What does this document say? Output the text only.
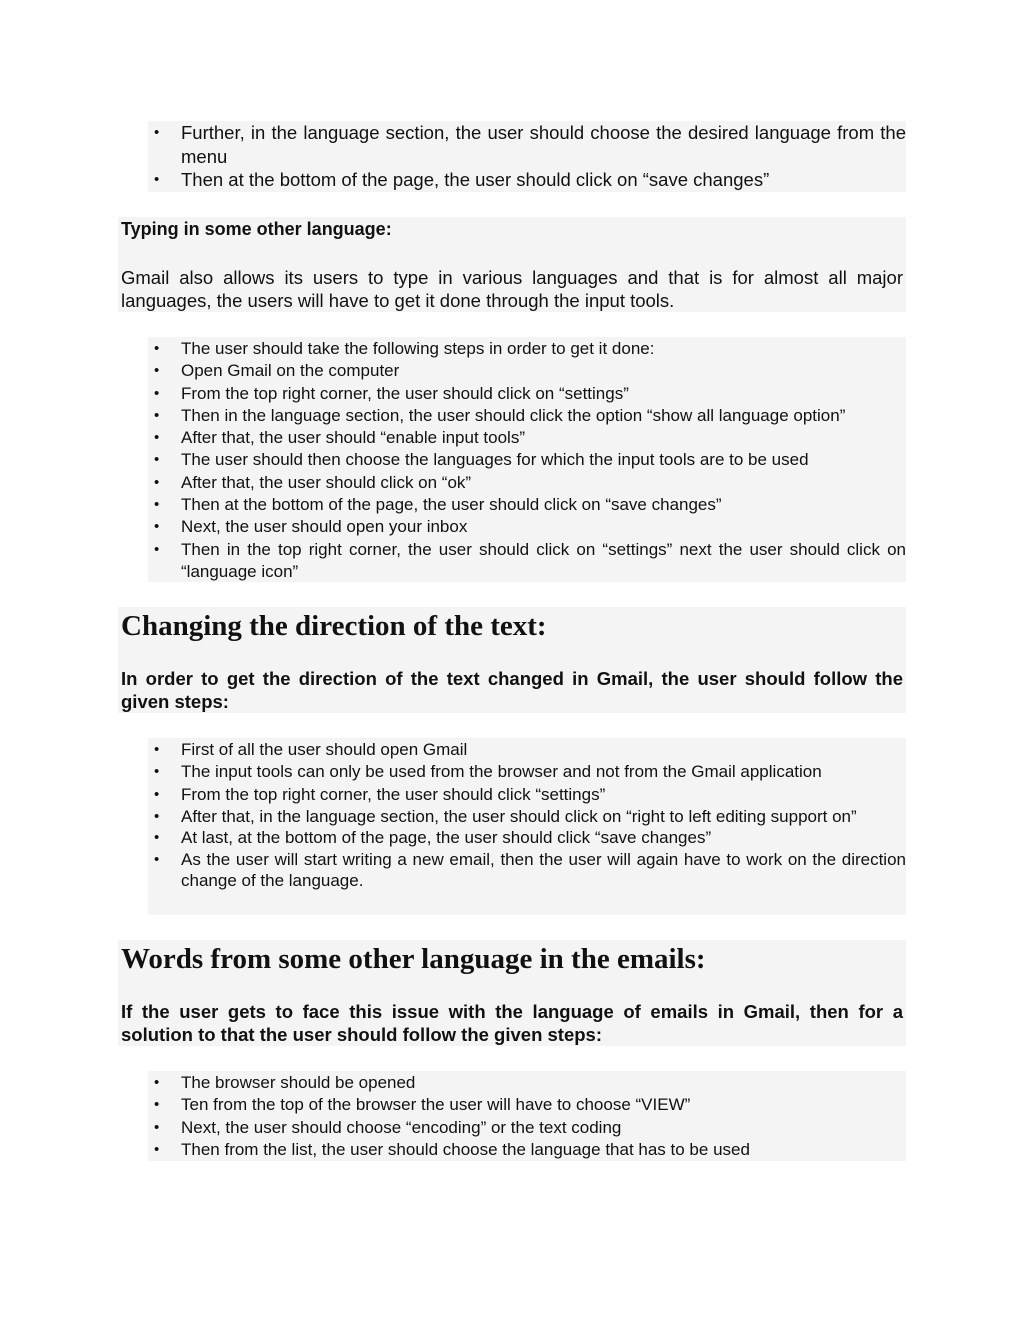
• Further, in the language section, the user should choose the desired language from the menu
• Then at the bottom of the page, the user should click on “save changes”

Typing in some other language:

Gmail also allows its users to type in various languages and that is for almost all major languages, the users will have to get it done through the input tools.

• The user should take the following steps in order to get it done:
• Open Gmail on the computer
• From the top right corner, the user should click on “settings”
• Then in the language section, the user should click the option “show all language option”
• After that, the user should “enable input tools”
• The user should then choose the languages for which the input tools are to be used
• After that, the user should click on “ok”
• Then at the bottom of the page, the user should click on “save changes”
• Next, the user should open your inbox
• Then in the top right corner, the user should click on “settings” next the user should click on “language icon”
Changing the direction of the text:

In order to get the direction of the text changed in Gmail, the user should follow the given steps:

• First of all the user should open Gmail
• The input tools can only be used from the browser and not from the Gmail application
• From the top right corner, the user should click “settings”
• After that, in the language section, the user should click on “right to left editing support on”
• At last, at the bottom of the page, the user should click “save changes”
• As the user will start writing a new email, then the user will again have to work on the direction change of the language.
Words from some other language in the emails:

If the user gets to face this issue with the language of emails in Gmail, then for a solution to that the user should follow the given steps:

• The browser should be opened
• Ten from the top of the browser the user will have to choose “VIEW”
• Next, the user should choose “encoding” or the text coding
• Then from the list, the user should choose the language that has to be used
